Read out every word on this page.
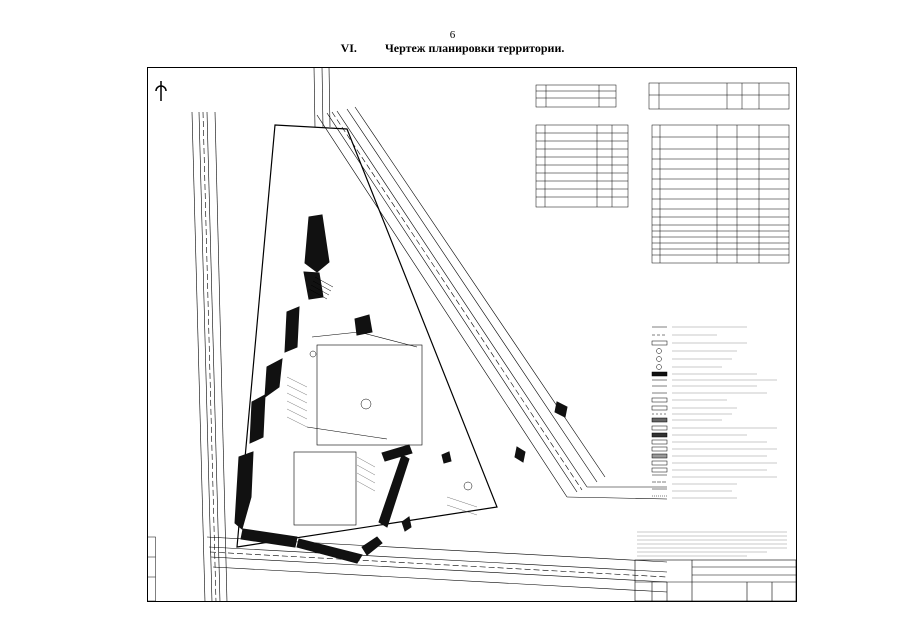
6
VI. Чертеж планировки территории.
